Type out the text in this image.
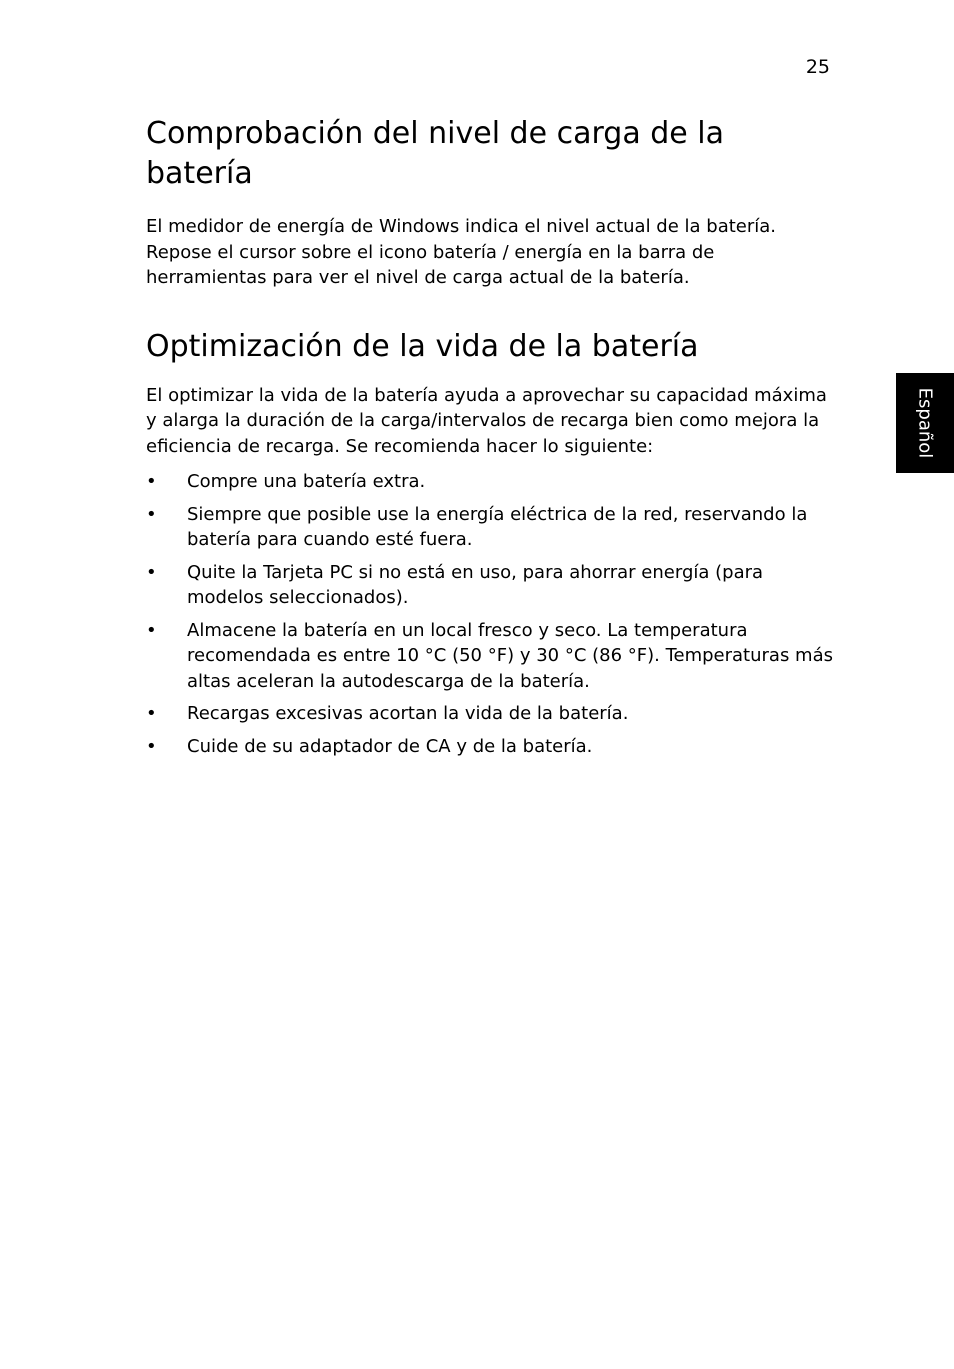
25
Español
Comprobación del nivel de carga de la batería

El medidor de energía de Windows indica el nivel actual de la batería. Repose el cursor sobre el icono batería / energía en la barra de herramientas para ver el nivel de carga actual de la batería.

Optimización de la vida de la batería

El optimizar la vida de la batería ayuda a aprovechar su capacidad máxima y alarga la duración de la carga/intervalos de recarga bien como mejora la eficiencia de recarga. Se recomienda hacer lo siguiente:

• Compre una batería extra.
• Siempre que posible use la energía eléctrica de la red, reservando la batería para cuando esté fuera.
• Quite la Tarjeta PC si no está en uso, para ahorrar energía (para modelos seleccionados).
• Almacene la batería en un local fresco y seco. La temperatura recomendada es entre 10 °C (50 °F) y 30 °C (86 °F). Temperaturas más altas aceleran la autodescarga de la batería.
• Recargas excesivas acortan la vida de la batería.
• Cuide de su adaptador de CA y de la batería.
